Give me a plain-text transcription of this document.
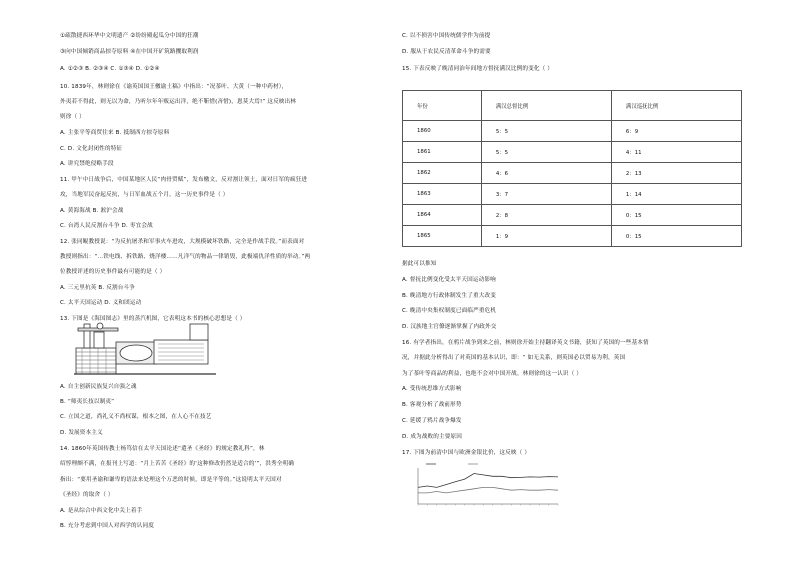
①疏散捷西环华中文明遗产 ②纷纷殿起瓜分中国的狂潮
③向中国倾销商品掠夺原料 ④在中国开矿筑路攫取利润
A. ①②③ B. ②③④ C. ①③④ D. ①②④
10. 1839年，林则徐在《谕英国国王檄谕土稿》中指出：“况茶叶、大黄（一种中药材），
外夷若不得此，则无以为命，乃听尔年年贩运出洋，绝不靳惜(吝惜)，恩莫大焉!” 这反映出林
则徐（ ）
A. 主张平等商贸往来 B. 抵制西方掠夺原料
C. D. 文化封闭性的特征
A. 讲究禁绝侵略手段
11. 甲午中日战争后，中国某地区人民“肉骨贸赋”，发布檄文，反对割让领土，面对日军的疯狂进
攻，当地军民奋起反抗，与日军血战五个月。这一历史事件是（ ）
A. 黄海海战 B. 淞沪会战
C. 台湾人民反割台斗争 D. 枣宜会战
12. 张同鲲教授说：“为反抗屠杀和军事火车进攻，大规模破坏铁路，完全是作战手段。”而表面对
教授则指出：“…铁电线、拆铁路、烧洋楼……凡洋气的物品一律销毁，此极端仇洋性质的举动。”两
位教授评述的历史事件最有可能的是（ ）
A. 三元里抗英 B. 反割台斗争
C. 太平天国运动 D. 义和团运动
13. 下图是《海国图志》里的蒸汽机图，它表明这本书的核心思想是（ ）
A. 自主创新民族复兴自强之魂
B. “师夷长技以制夷”
C. 立国之道，尚礼义不尚权谋，根本之图，在人心不在技艺
D. 发展资本主义
14. 1860年英国传教士杨笃信在太平天国论述“遣圣《圣经》的规定教礼科”，林
绍惇理颇不满，在报刊上写道：“月上苦苦《圣经》的‘这种修改仍然是适合的’”，洪秀全明确
指出：“要用圣谕和谦卑的语法来处理这个万恶的时候，即是平等的。”这说明太平天国对
《圣经》的取舍（ ）
A. 是从综合中西文化中关上着手
B. 充分考虑到中国人对西学的认同度
年份	满汉总督比例	满汉巡抚比例
1860	5：5	6：9
1861	5：5	4：11
1862	4：6	2：13
1863	3：7	1：14
1864	2：8	0：15
1865	1：9	0：15
C. 以不损害中国传统儒学作为前提
D. 服从于农民反清革命斗争的需要
15. 下表反映了晚清同治年间地方督抚满汉比例的变化（ ）
据此可以推知
A. 督抚比例变化受太平天国运动影响
B. 晚清地方行政体制发生了重大改变
C. 晚清中央集权制度已面临严重危机
D. 汉族地主官僚逐渐掌握了内政外交
16. 有学者指出，在鸦片战争到来之前，林则徐开始主持翻译英文书籍，获知了英国的一些基本情
况，并据此分析得出了对英国的基本认识，即：“ 如无关系，则英国必以贸易为利，英国
为了茶叶等商品的利益，也绝不会对中国开战。林则徐的这一认识（ ）
A. 受传统思维方式影响
B. 客观分析了战前形势
C. 延缓了鸦片战争爆发
D. 成为战败的主要原因
17. 下图为前清中国与欧洲金银比价，这反映（ ）
